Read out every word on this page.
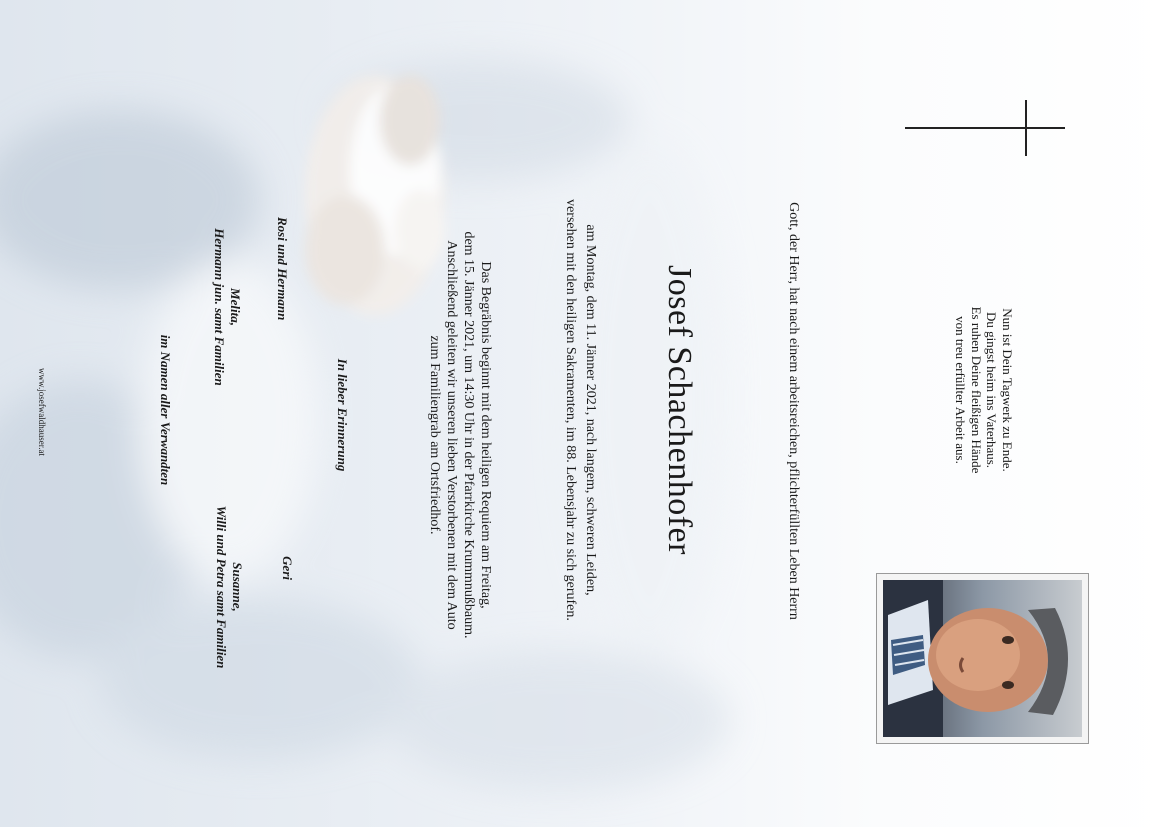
Nun ist Dein Tagwerk zu Ende.
Du gingst heim ins Vaterhaus.
Es ruhen Deine fleißigen Hände
von treu erfüllter Arbeit aus.
Gott, der Herr, hat nach einem arbeitsreichen, pflichterfüllten Leben Herrn
Josef Schachenhofer
am Montag, dem 11. Jänner 2021, nach langem, schweren Leiden,
versehen mit den heiligen Sakramenten, im 88. Lebensjahr zu sich gerufen.
Das Begräbnis beginnt mit dem heiligen Requiem am Freitag,
dem 15. Jänner 2021, um 14:30 Uhr in der Pfarrkirche Krummnußbaum.
Anschließend geleiten wir unseren lieben Verstorbenen mit dem Auto
zum Familiengrab am Ortsfriedhof.
In lieber Erinnerung
Rosi und Hermann
Geri
Melita,
Hermann jun. samt Familien
Susanne,
Willi und Petra samt Familien
im Namen aller Verwandten
www.josefwaldhauser.at
